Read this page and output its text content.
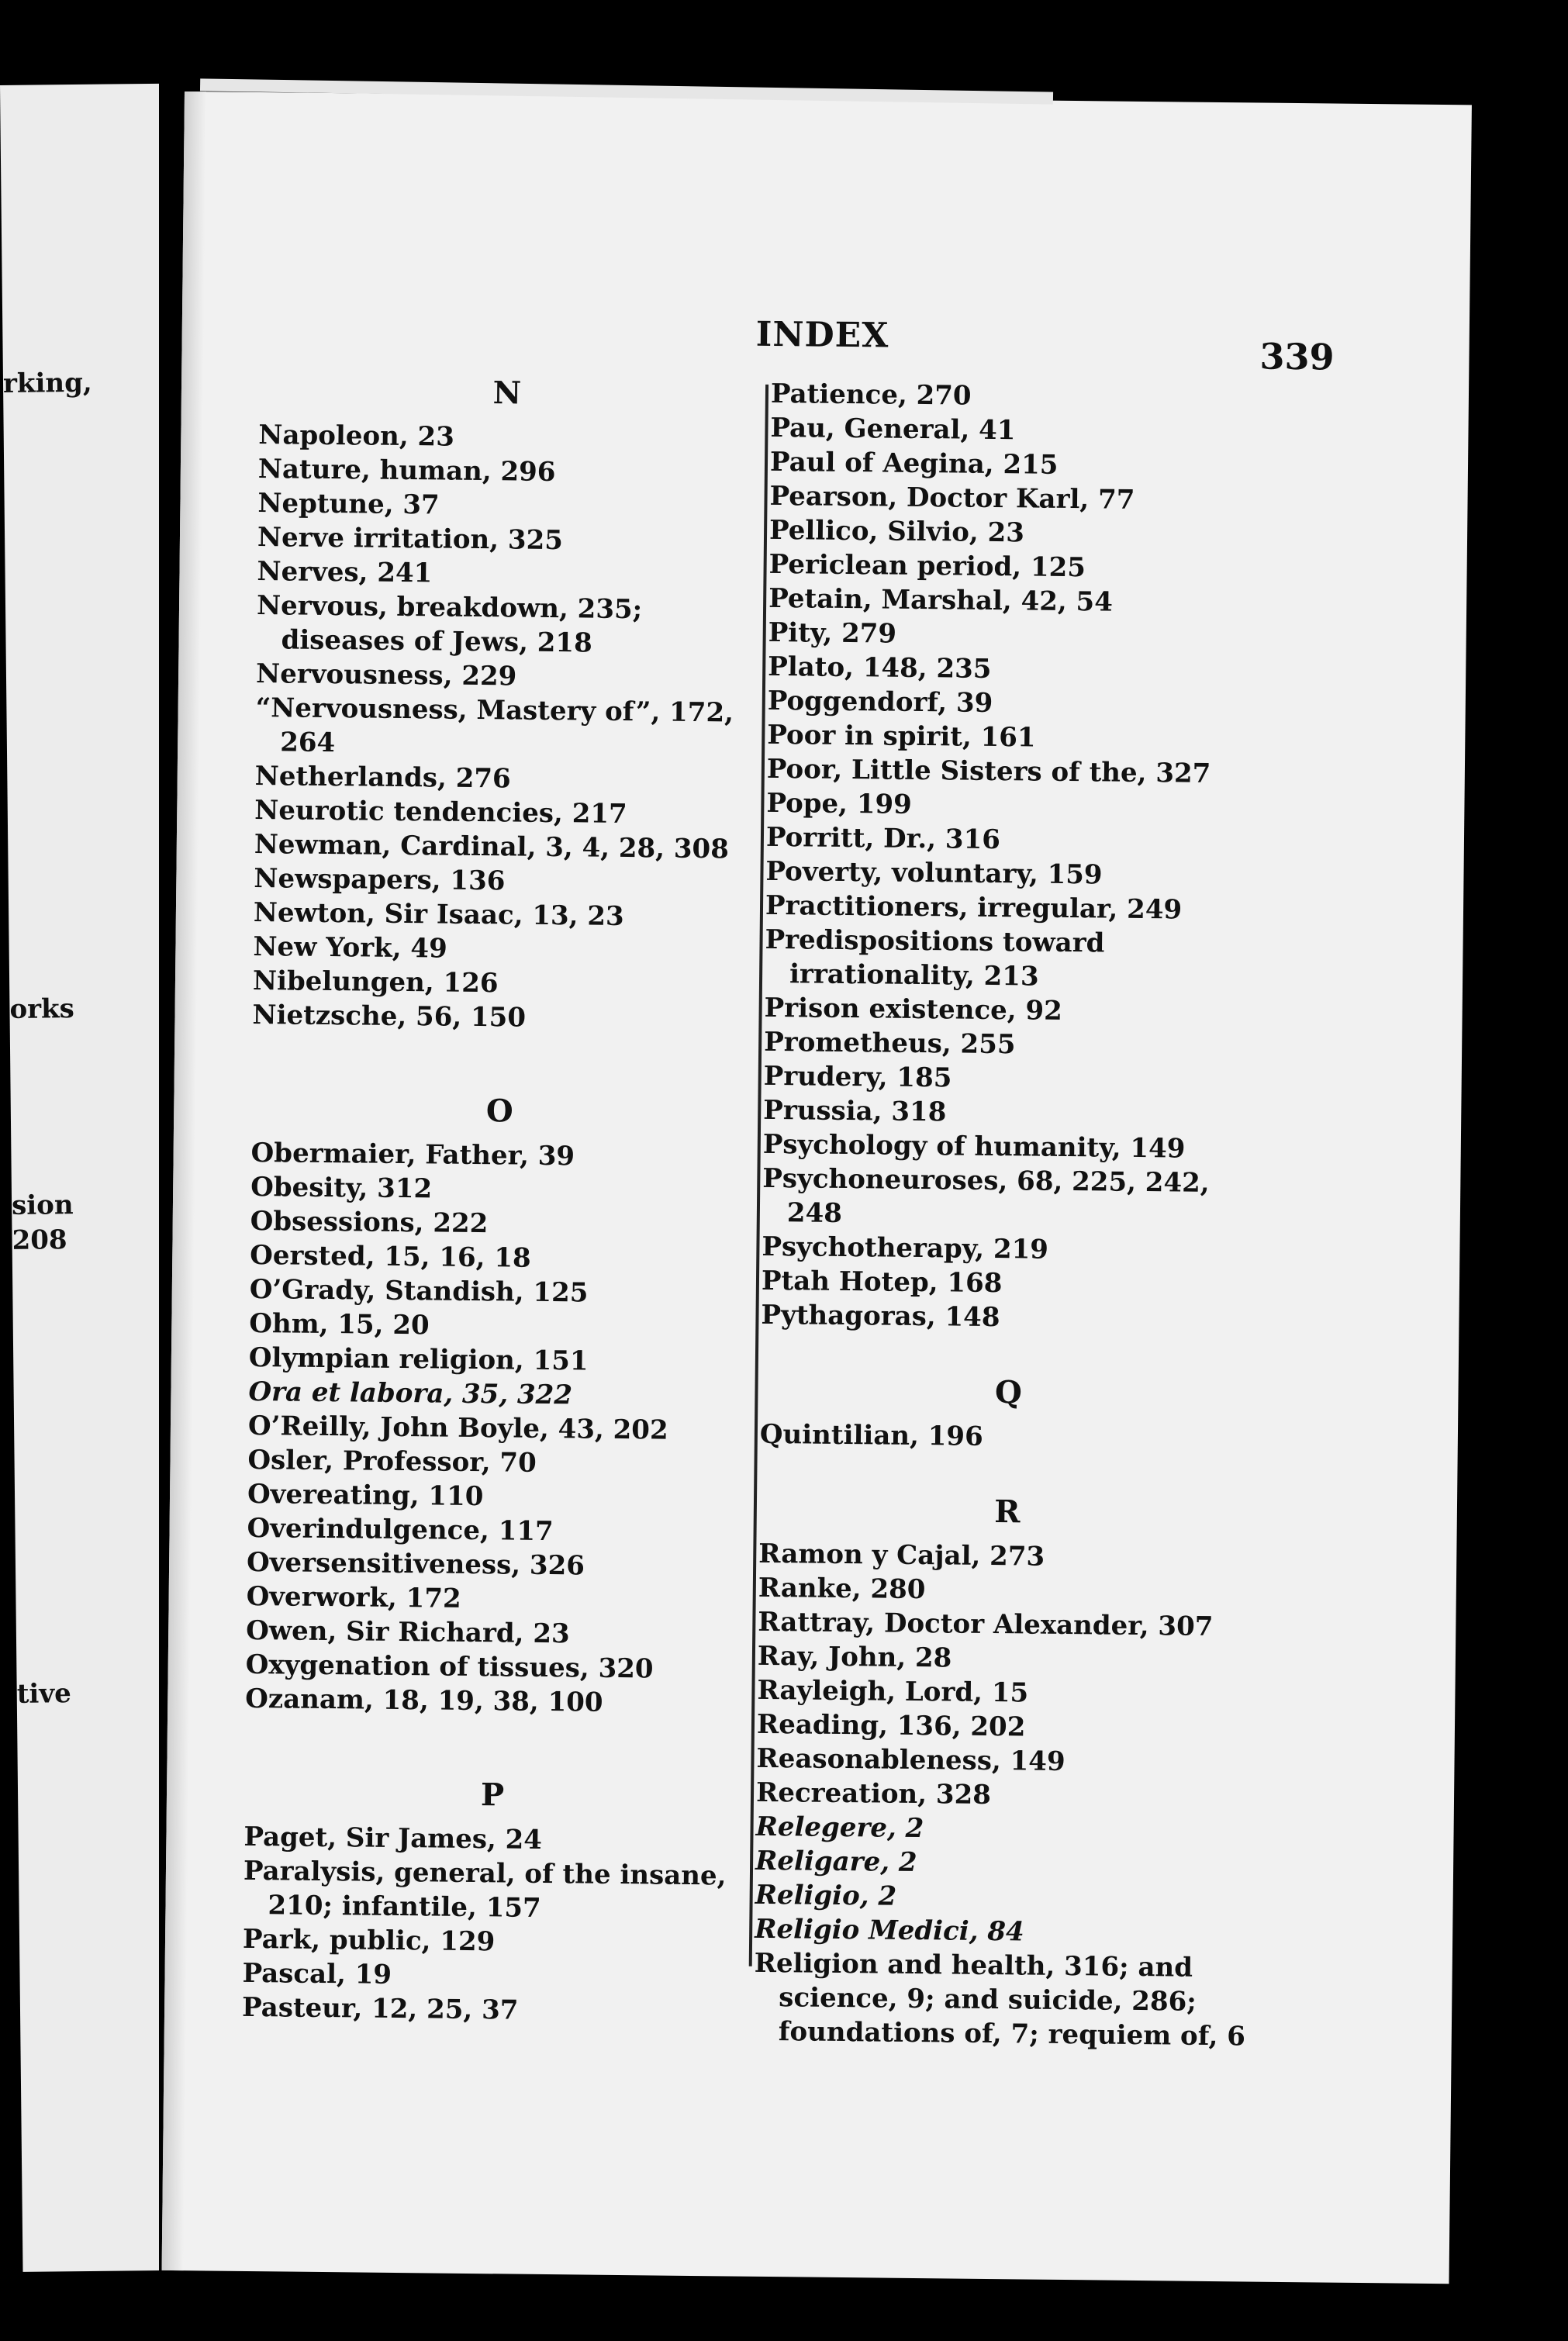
rking,
orks
sion
208
tive
INDEX
339
N
Napoleon, 23
Nature, human, 296
Neptune, 37
Nerve irritation, 325
Nerves, 241
Nervous, breakdown, 235; diseases of Jews, 218
Nervousness, 229
“Nervousness, Mastery of”, 172, 264
Netherlands, 276
Neurotic tendencies, 217
Newman, Cardinal, 3, 4, 28, 308
Newspapers, 136
Newton, Sir Isaac, 13, 23
New York, 49
Nibelungen, 126
Nietzsche, 56, 150
O
Obermaier, Father, 39
Obesity, 312
Obsessions, 222
Oersted, 15, 16, 18
O’Grady, Standish, 125
Ohm, 15, 20
Olympian religion, 151
Ora et labora, 35, 322
O’Reilly, John Boyle, 43, 202
Osler, Professor, 70
Overeating, 110
Overindulgence, 117
Oversensitiveness, 326
Overwork, 172
Owen, Sir Richard, 23
Oxygenation of tissues, 320
Ozanam, 18, 19, 38, 100
P
Paget, Sir James, 24
Paralysis, general, of the insane, 210; infantile, 157
Park, public, 129
Pascal, 19
Pasteur, 12, 25, 37
Patience, 270
Pau, General, 41
Paul of Aegina, 215
Pearson, Doctor Karl, 77
Pellico, Silvio, 23
Periclean period, 125
Petain, Marshal, 42, 54
Pity, 279
Plato, 148, 235
Poggendorf, 39
Poor in spirit, 161
Poor, Little Sisters of the, 327
Pope, 199
Porritt, Dr., 316
Poverty, voluntary, 159
Practitioners, irregular, 249
Predispositions toward irrationality, 213
Prison existence, 92
Prometheus, 255
Prudery, 185
Prussia, 318
Psychology of humanity, 149
Psychoneuroses, 68, 225, 242, 248
Psychotherapy, 219
Ptah Hotep, 168
Pythagoras, 148
Q
Quintilian, 196
R
Ramon y Cajal, 273
Ranke, 280
Rattray, Doctor Alexander, 307
Ray, John, 28
Rayleigh, Lord, 15
Reading, 136, 202
Reasonableness, 149
Recreation, 328
Relegere, 2
Religare, 2
Religio, 2
Religio Medici, 84
Religion and health, 316; and science, 9; and suicide, 286; foundations of, 7; requiem of, 6
